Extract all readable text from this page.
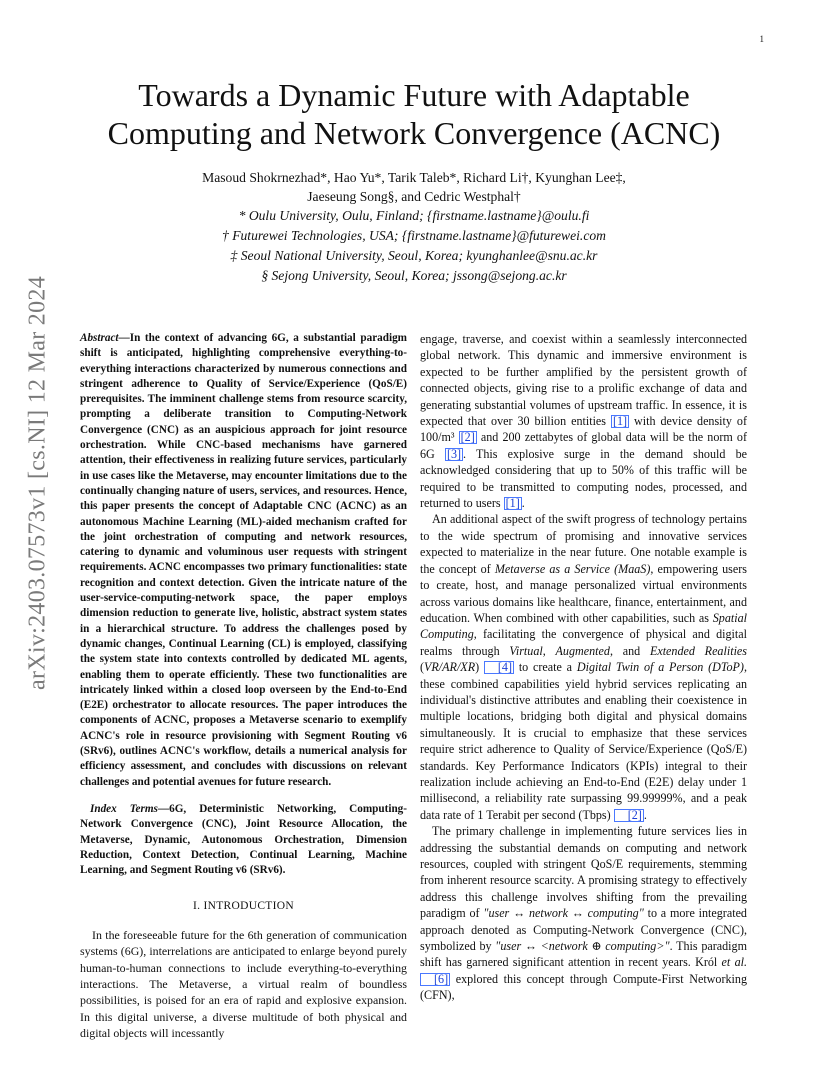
1
arXiv:2403.07573v1 [cs.NI] 12 Mar 2024
Towards a Dynamic Future with Adaptable
Computing and Network Convergence (ACNC)
Masoud Shokrnezhad*, Hao Yu*, Tarik Taleb*, Richard Li†, Kyunghan Lee‡,
Jaeseung Song§, and Cedric Westphal†
* Oulu University, Oulu, Finland; {firstname.lastname}@oulu.fi
† Futurewei Technologies, USA; {firstname.lastname}@futurewei.com
‡ Seoul National University, Seoul, Korea; kyunghanlee@snu.ac.kr
§ Sejong University, Seoul, Korea; jssong@sejong.ac.kr

Abstract—In the context of advancing 6G, a substantial paradigm shift is anticipated, highlighting comprehensive everything-to-everything interactions characterized by numerous connections and stringent adherence to Quality of Service/Experience (QoS/E) prerequisites. The imminent challenge stems from resource scarcity, prompting a deliberate transition to Computing-Network Convergence (CNC) as an auspicious approach for joint resource orchestration. While CNC-based mechanisms have garnered attention, their effectiveness in realizing future services, particularly in use cases like the Metaverse, may encounter limitations due to the continually changing nature of users, services, and resources. Hence, this paper presents the concept of Adaptable CNC (ACNC) as an autonomous Machine Learning (ML)-aided mechanism crafted for the joint orchestration of computing and network resources, catering to dynamic and voluminous user requests with stringent requirements. ACNC encompasses two primary functionalities: state recognition and context detection. Given the intricate nature of the user-service-computing-network space, the paper employs dimension reduction to generate live, holistic, abstract system states in a hierarchical structure. To address the challenges posed by dynamic changes, Continual Learning (CL) is employed, classifying the system state into contexts controlled by dedicated ML agents, enabling them to operate efficiently. These two functionalities are intricately linked within a closed loop overseen by the End-to-End (E2E) orchestrator to allocate resources. The paper introduces the components of ACNC, proposes a Metaverse scenario to exemplify ACNC's role in resource provisioning with Segment Routing v6 (SRv6), outlines ACNC's workflow, details a numerical analysis for efficiency assessment, and concludes with discussions on relevant challenges and potential avenues for future research.

Index Terms—6G, Deterministic Networking, Computing-Network Convergence (CNC), Joint Resource Allocation, the Metaverse, Dynamic, Autonomous Orchestration, Dimension Reduction, Context Detection, Continual Learning, Machine Learning, and Segment Routing v6 (SRv6).

I. INTRODUCTION

In the foreseeable future for the 6th generation of communication systems (6G), interrelations are anticipated to enlarge beyond purely human-to-human connections to include everything-to-everything interactions. The Metaverse, a virtual realm of boundless possibilities, is poised for an era of rapid and explosive expansion. In this digital universe, a diverse multitude of both physical and digital objects will incessantly

engage, traverse, and coexist within a seamlessly interconnected global network. This dynamic and immersive environment is expected to be further amplified by the persistent growth of connected objects, giving rise to a prolific exchange of data and generating substantial volumes of upstream traffic. In essence, it is expected that over 30 billion entities [1] with device density of 100/m³ [2] and 200 zettabytes of global data will be the norm of 6G [3] . This explosive surge in the demand should be acknowledged considering that up to 50% of this traffic will be required to be transmitted to computing nodes, processed, and returned to users [1] .

An additional aspect of the swift progress of technology pertains to the wide spectrum of promising and innovative services expected to materialize in the near future. One notable example is the concept of Metaverse as a Service (MaaS), empowering users to create, host, and manage personalized virtual environments across various domains like healthcare, finance, entertainment, and education. When combined with other capabilities, such as Spatial Computing, facilitating the convergence of physical and digital realms through Virtual, Augmented, and Extended Realities (VR/AR/XR) [4] to create a Digital Twin of a Person (DToP), these combined capabilities yield hybrid services replicating an individual's distinctive attributes and enabling their coexistence in multiple locations, bridging both digital and physical domains simultaneously. It is crucial to emphasize that these services require strict adherence to Quality of Service/Experience (QoS/E) standards. Key Performance Indicators (KPIs) integral to their realization include achieving an End-to-End (E2E) delay under 1 millisecond, a reliability rate surpassing 99.99999%, and a peak data rate of 1 Terabit per second (Tbps) [2] .

The primary challenge in implementing future services lies in addressing the substantial demands on computing and network resources, coupled with stringent QoS/E requirements, stemming from inherent resource scarcity. A promising strategy to effectively address this challenge involves shifting from the prevailing paradigm of "user ↔ network ↔ computing" to a more integrated approach denoted as Computing-Network Convergence (CNC), symbolized by "user ↔ <network ⊕ computing>". This paradigm shift has garnered significant attention in recent years. Król et al. [6] explored this concept through Compute-First Networking (CFN),
